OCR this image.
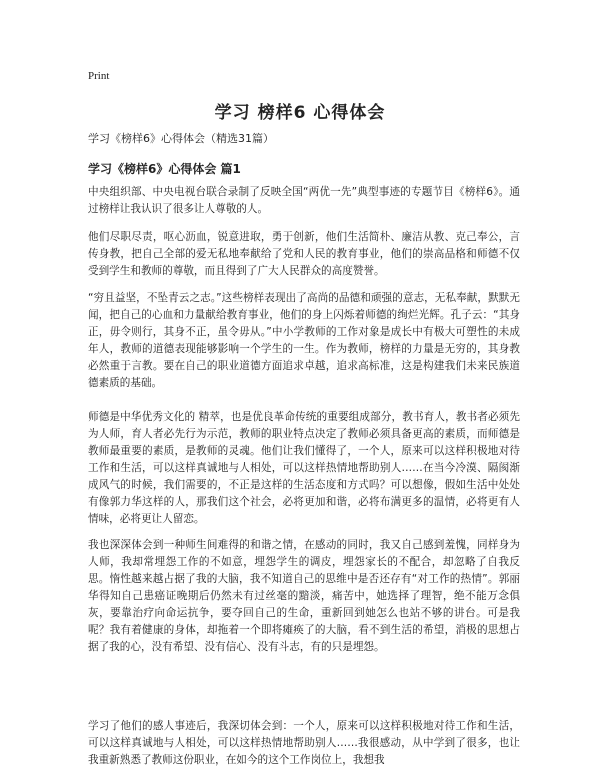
Print
学习 榜样6 心得体会
学习《榜样6》心得体会（精选31篇）
学习《榜样6》心得体会 篇1

中央组织部、中央电视台联合录制了反映全国“两优一先”典型事迹的专题节目《榜样6》。通过榜样让我认识了很多让人尊敬的人。

他们尽职尽责，呕心沥血，锐意进取，勇于创新，他们生活简朴、廉洁从教、克己奉公，言传身教，把自己全部的爱无私地奉献给了党和人民的教育事业，他们的崇高品格和师德不仅受到学生和教师的尊敬，而且得到了广大人民群众的高度赞誉。

“穷且益坚，不坠青云之志。”这些榜样表现出了高尚的品德和顽强的意志，无私奉献，默默无闻，把自己的心血和力量献给教育事业，他们的身上闪烁着师德的绚烂光辉。孔子云：“其身正，毋令则行，其身不正，虽令毋从。”中小学教师的工作对象是成长中有极大可塑性的未成年人，教师的道德表现能够影响一个学生的一生。作为教师，榜样的力量是无穷的，其身教必然重于言教。要在自己的职业道德方面追求卓越，追求高标准，这是构建我们未来民族道德素质的基础。

师德是中华优秀文化的 精萃，也是优良革命传统的重要组成部分，教书育人，教书者必须先为人师，育人者必先行为示范，教师的职业特点决定了教师必须具备更高的素质，而师德是教师最重要的素质，是教师的灵魂。他们让我们懂得了，一个人，原来可以这样积极地对待工作和生活，可以这样真诚地与人相处，可以这样热情地帮助别人……在当今冷漠、隔阂渐成风气的时候，我们需要的，不正是这样的生活态度和方式吗？可以想像，假如生活中处处有像郭力华这样的人，那我们这个社会，必将更加和谐，必将布满更多的温情，必将更有人情味，必将更让人留恋。

我也深深体会到一种师生间难得的和谐之情，在感动的同时，我又自己感到羞愧，同样身为人师，我却常埋怨工作的不如意，埋怨学生的调皮，埋怨家长的不配合，却忽略了自我反思。惰性越来越占据了我的大脑，我不知道自己的思维中是否还存有“对工作的热情”。郭丽华得知自己患癌证晚期后仍然未有过丝毫的黯淡，痛苦中，她选择了理智，绝不能万念俱灰，要靠治疗向命运抗争，要夺回自己的生命，重新回到她怎么也站不够的讲台。可是我呢？我有着健康的身体，却拖着一个即将瘫痪了的大脑，看不到生活的希望，消极的思想占据了我的心，没有希望、没有信心、没有斗志，有的只是埋怨。

学习了他们的感人事迹后，我深切体会到：一个人，原来可以这样积极地对待工作和生活，可以这样真诚地与人相处，可以这样热情地帮助别人……我很感动，从中学到了很多，也让我重新熟悉了教师这份职业，在如今的这个工作岗位上，我想我
